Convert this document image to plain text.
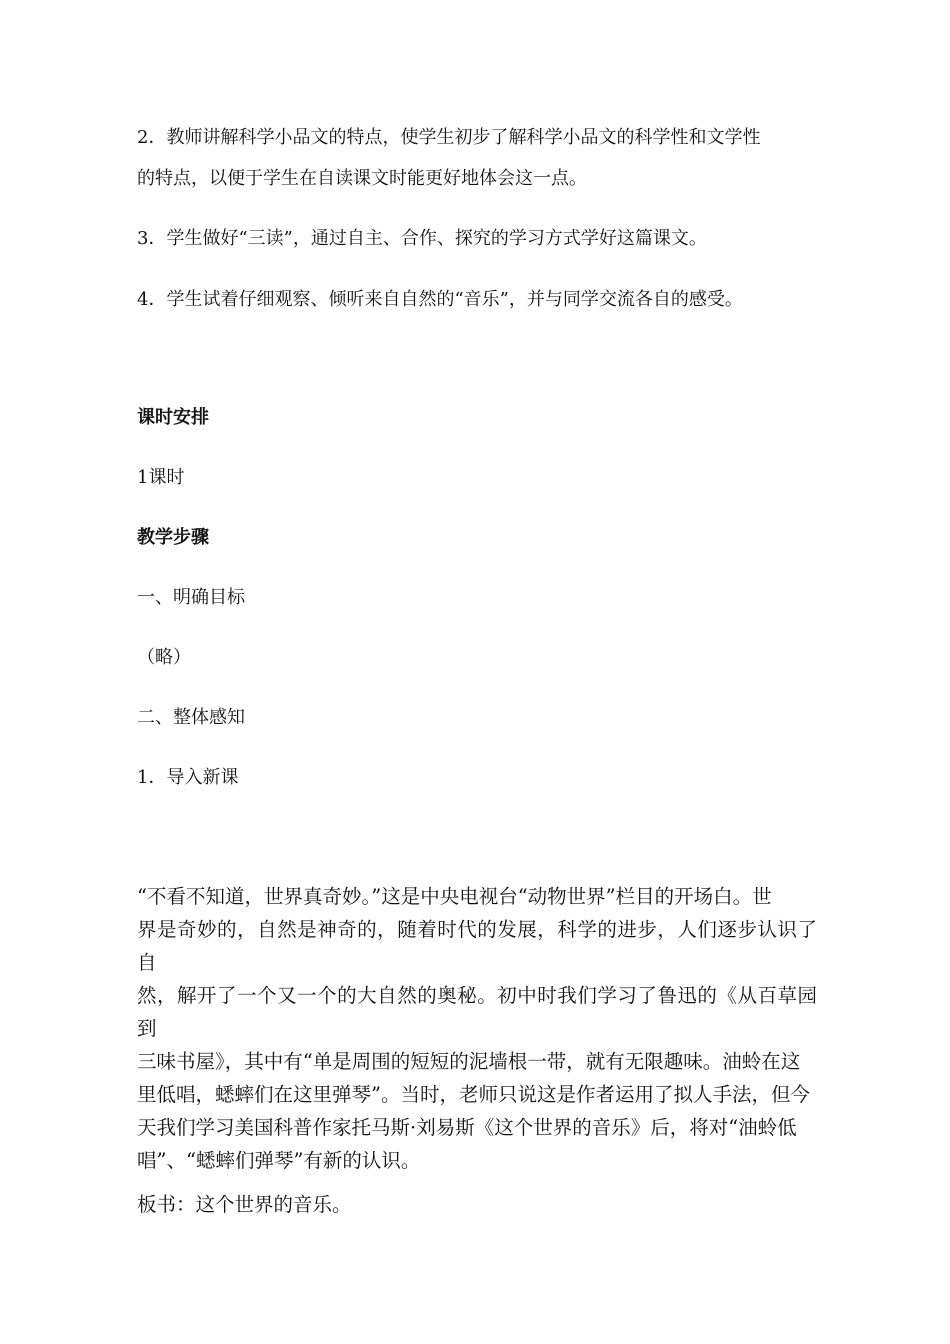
2．教师讲解科学小品文的特点，使学生初步了解科学小品文的科学性和文学性
的特点，以便于学生在自读课文时能更好地体会这一点。
3．学生做好“三读”，通过自主、合作、探究的学习方式学好这篇课文。
4．学生试着仔细观察、倾听来自自然的“音乐”，并与同学交流各自的感受。
课时安排
1课时
教学步骤
一、明确目标
（略）
二、整体感知
1．导入新课
“不看不知道，世界真奇妙。”这是中央电视台“动物世界”栏目的开场白。世
界是奇妙的，自然是神奇的，随着时代的发展，科学的进步，人们逐步认识了自
然，解开了一个又一个的大自然的奥秘。初中时我们学习了鲁迅的《从百草园到
三味书屋》，其中有“单是周围的短短的泥墙根一带，就有无限趣味。油蛉在这
里低唱，蟋蟀们在这里弹琴”。当时，老师只说这是作者运用了拟人手法，但今
天我们学习美国科普作家托马斯·刘易斯《这个世界的音乐》后，将对“油蛉低
唱”、“蟋蟀们弹琴”有新的认识。
板书：这个世界的音乐。
